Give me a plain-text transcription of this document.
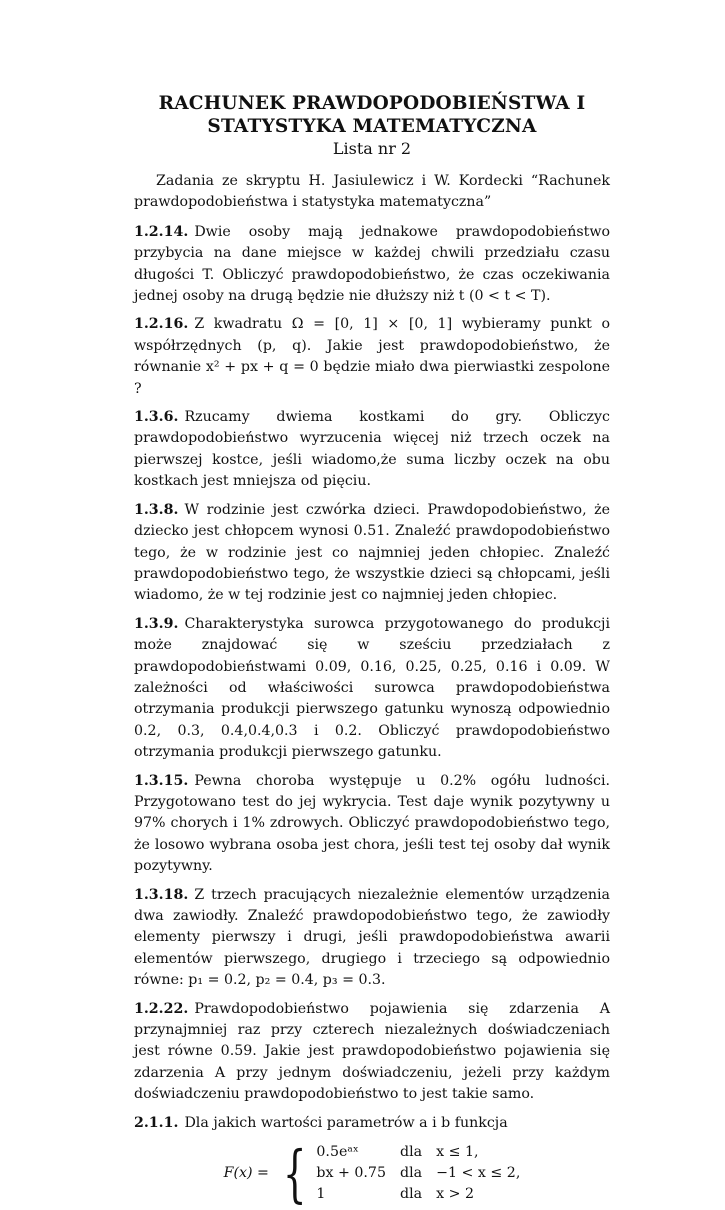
RACHUNEK PRAWDOPODOBIEŃSTWA I STATYSTYKA MATEMATYCZNA

Lista nr 2

Zadania ze skryptu H. Jasiulewicz i W. Kordecki “Rachunek prawdopodobieństwa i statystyka matematyczna”

1.2.14. Dwie osoby mają jednakowe prawdopodobieństwo przybycia na dane miejsce w każdej chwili przedziału czasu długości T. Obliczyć prawdopodobieństwo, że czas oczekiwania jednej osoby na drugą będzie nie dłuższy niż t (0 < t < T).

1.2.16. Z kwadratu Ω = [0, 1] × [0, 1] wybieramy punkt o współrzędnych (p, q). Jakie jest prawdopodobieństwo, że równanie x² + px + q = 0 będzie miało dwa pierwiastki zespolone ?

1.3.6. Rzucamy dwiema kostkami do gry. Obliczyc prawdopodobieństwo wyrzucenia więcej niż trzech oczek na pierwszej kostce, jeśli wiadomo,że suma liczby oczek na obu kostkach jest mniejsza od pięciu.

1.3.8. W rodzinie jest czwórka dzieci. Prawdopodobieństwo, że dziecko jest chłopcem wynosi 0.51. Znaleźć prawdopodobieństwo tego, że w rodzinie jest co najmniej jeden chłopiec. Znaleźć prawdopodobieństwo tego, że wszystkie dzieci są chłopcami, jeśli wiadomo, że w tej rodzinie jest co najmniej jeden chłopiec.

1.3.9. Charakterystyka surowca przygotowanego do produkcji może znajdować się w sześciu przedziałach z prawdopodobieństwami 0.09, 0.16, 0.25, 0.25, 0.16 i 0.09. W zależności od właściwości surowca prawdopodobieństwa otrzymania produkcji pierwszego gatunku wynoszą odpowiednio 0.2, 0.3, 0.4,0.4,0.3 i 0.2. Obliczyć prawdopodobieństwo otrzymania produkcji pierwszego gatunku.

1.3.15. Pewna choroba występuje u 0.2% ogółu ludności. Przygotowano test do jej wykrycia. Test daje wynik pozytywny u 97% chorych i 1% zdrowych. Obliczyć prawdopodobieństwo tego, że losowo wybrana osoba jest chora, jeśli test tej osoby dał wynik pozytywny.

1.3.18. Z trzech pracujących niezależnie elementów urządzenia dwa zawiodły. Znaleźć prawdopodobieństwo tego, że zawiodły elementy pierwszy i drugi, jeśli prawdopodobieństwa awarii elementów pierwszego, drugiego i trzeciego są odpowiednio równe: p₁ = 0.2, p₂ = 0.4, p₃ = 0.3.

1.2.22. Prawdopodobieństwo pojawienia się zdarzenia A przynajmniej raz przy czterech niezależnych doświadczeniach jest równe 0.59. Jakie jest prawdopodobieństwo pojawienia się zdarzenia A przy jednym doświadczeniu, jeżeli przy każdym doświadczeniu prawdopodobieństwo to jest takie samo.

2.1.1. Dla jakich wartości parametrów a i b funkcja

F(x) = { 0.5eᵃˣ	dla x ≤ 1,
bx + 0.75 dla −1 < x ≤ 2,
1	dla x > 2
